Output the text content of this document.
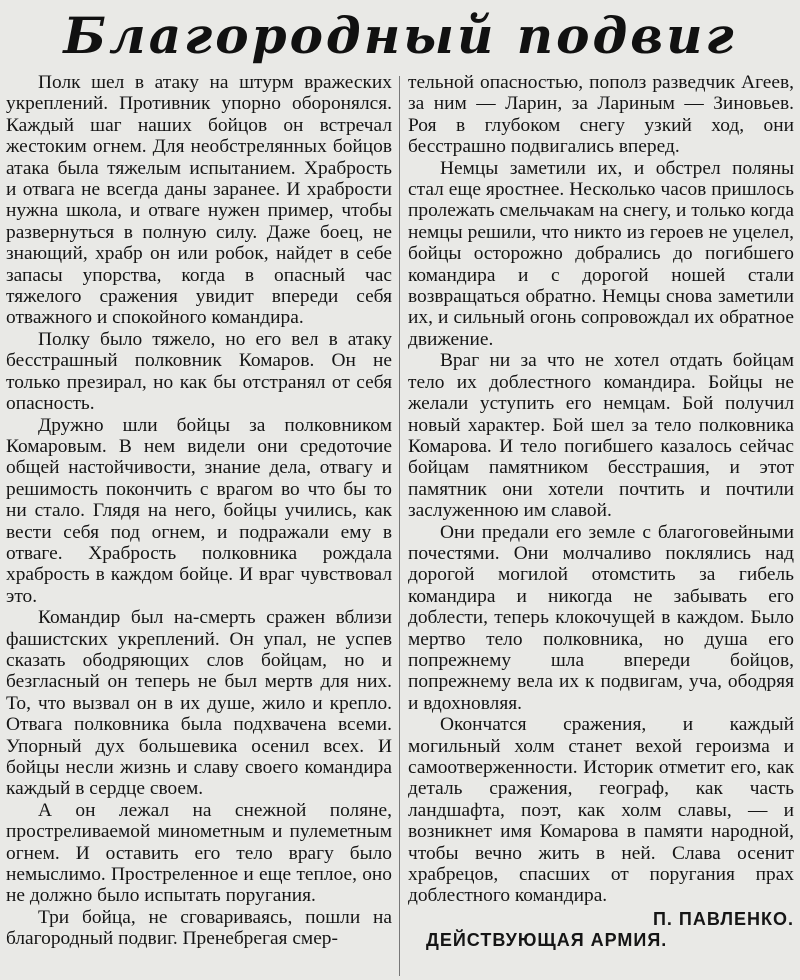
Благородный подвиг

Полк шел в атаку на штурм вражеских укреплений. Противник упорно оборонялся. Каждый шаг наших бойцов он встречал жестоким огнем. Для необстрелянных бойцов атака была тяжелым испытанием. Храбрость и отвага не всегда даны заранее. И храбрости нужна школа, и отваге нужен пример, чтобы развернуться в полную силу. Даже боец, не знающий, храбр он или робок, найдет в себе запасы упорства, когда в опасный час тяжелого сражения увидит впереди себя отважного и спокойного командира.

Полку было тяжело, но его вел в атаку бесстрашный полковник Комаров. Он не только презирал, но как бы отстранял от себя опасность.

Дружно шли бойцы за полковником Комаровым. В нем видели они средоточие общей настойчивости, знание дела, отвагу и решимость покончить с врагом во что бы то ни стало. Глядя на него, бойцы учились, как вести себя под огнем, и подражали ему в отваге. Храбрость полковника рождала храбрость в каждом бойце. И враг чувствовал это.

Командир был на-смерть сражен вблизи фашистских укреплений. Он упал, не успев сказать ободряющих слов бойцам, но и безгласный он теперь не был мертв для них. То, что вызвал он в их душе, жило и крепло. Отвага полковника была подхвачена всеми. Упорный дух большевика осенил всех. И бойцы несли жизнь и славу своего командира каждый в сердце своем.

А он лежал на снежной поляне, простреливаемой минометным и пулеметным огнем. И оставить его тело врагу было немыслимо. Простреленное и еще теплое, оно не должно было испытать поругания.

Три бойца, не сговариваясь, пошли на благородный подвиг. Пренебрегая смер-

тельной опасностью, пополз разведчик Агеев, за ним — Ларин, за Лариным — Зиновьев. Роя в глубоком снегу узкий ход, они бесстрашно подвигались вперед.

Немцы заметили их, и обстрел поляны стал еще яростнее. Несколько часов пришлось пролежать смельчакам на снегу, и только когда немцы решили, что никто из героев не уцелел, бойцы осторожно добрались до погибшего командира и с дорогой ношей стали возвращаться обратно. Немцы снова заметили их, и сильный огонь сопровождал их обратное движение.

Враг ни за что не хотел отдать бойцам тело их доблестного командира. Бойцы не желали уступить его немцам. Бой получил новый характер. Бой шел за тело полковника Комарова. И тело погибшего казалось сейчас бойцам памятником бесстрашия, и этот памятник они хотели почтить и почтили заслуженною им славой.

Они предали его земле с благоговейными почестями. Они молчаливо поклялись над дорогой могилой отомстить за гибель командира и никогда не забывать его доблести, теперь клокочущей в каждом. Было мертво тело полковника, но душа его попрежнему шла впереди бойцов, попрежнему вела их к подвигам, уча, ободряя и вдохновляя.

Окончатся сражения, и каждый могильный холм станет вехой героизма и самоотверженности. Историк отметит его, как деталь сражения, географ, как часть ландшафта, поэт, как холм славы, — и возникнет имя Комарова в памяти народной, чтобы вечно жить в ней. Слава осенит храбрецов, спасших от поругания прах доблестного командира.

П. ПАВЛЕНКО.

ДЕЙСТВУЮЩАЯ АРМИЯ.
